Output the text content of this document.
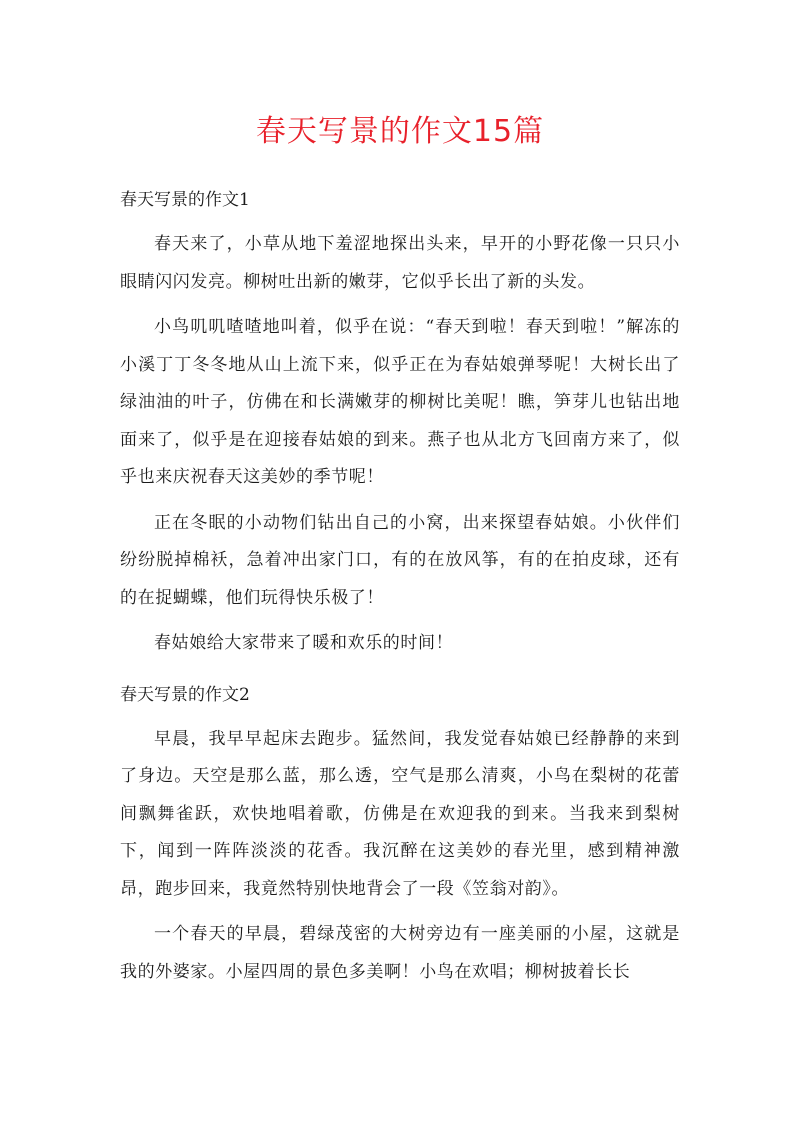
春天写景的作文15篇

春天写景的作文1

春天来了，小草从地下羞涩地探出头来，早开的小野花像一只只小眼睛闪闪发亮。柳树吐出新的嫩芽，它似乎长出了新的头发。

小鸟叽叽喳喳地叫着，似乎在说：“春天到啦！春天到啦！”解冻的小溪丁丁冬冬地从山上流下来，似乎正在为春姑娘弹琴呢！大树长出了绿油油的叶子，仿佛在和长满嫩芽的柳树比美呢！瞧，笋芽儿也钻出地面来了，似乎是在迎接春姑娘的到来。燕子也从北方飞回南方来了，似乎也来庆祝春天这美妙的季节呢！

正在冬眠的小动物们钻出自己的小窝，出来探望春姑娘。小伙伴们纷纷脱掉棉袄，急着冲出家门口，有的在放风筝，有的在拍皮球，还有的在捉蝴蝶，他们玩得快乐极了！

春姑娘给大家带来了暖和欢乐的时间！

春天写景的作文2

早晨，我早早起床去跑步。猛然间，我发觉春姑娘已经静静的来到了身边。天空是那么蓝，那么透，空气是那么清爽，小鸟在梨树的花蕾间飘舞雀跃，欢快地唱着歌，仿佛是在欢迎我的到来。当我来到梨树下，闻到一阵阵淡淡的花香。我沉醉在这美妙的春光里，感到精神激昂，跑步回来，我竟然特别快地背会了一段《笠翁对韵》。

一个春天的早晨，碧绿茂密的大树旁边有一座美丽的小屋，这就是我的外婆家。小屋四周的景色多美啊！小鸟在欢唱；柳树披着长长
